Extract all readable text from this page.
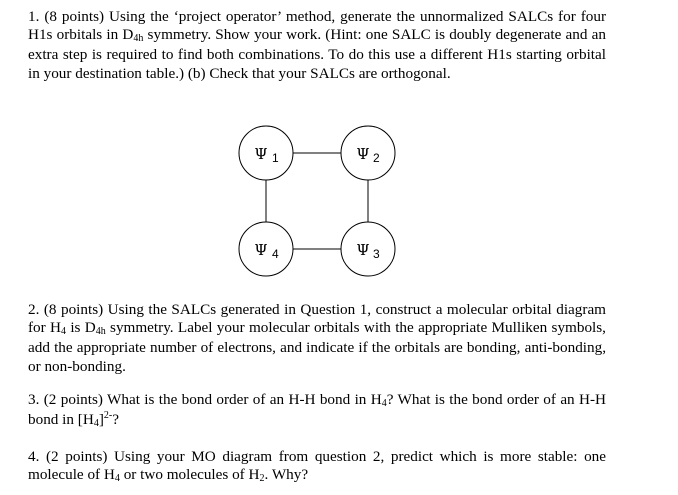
1. (8 points) Using the ‘project operator’ method, generate the unnormalized SALCs for four H1s orbitals in D4h symmetry. Show your work. (Hint: one SALC is doubly degenerate and an extra step is required to find both combinations. To do this use a different H1s starting orbital in your destination table.) (b) Check that your SALCs are orthogonal.

Ψ 1	Ψ 2
Ψ 4	Ψ 3

2. (8 points) Using the SALCs generated in Question 1, construct a molecular orbital diagram for H4 is D4h symmetry. Label your molecular orbitals with the appropriate Mulliken symbols, add the appropriate number of electrons, and indicate if the orbitals are bonding, anti-bonding, or non-bonding.

3. (2 points) What is the bond order of an H-H bond in H4? What is the bond order of an H-H bond in $[H4]^{2-}$?

4. (2 points) Using your MO diagram from question 2, predict which is more stable: one molecule of H4 or two molecules of H2. Why?
